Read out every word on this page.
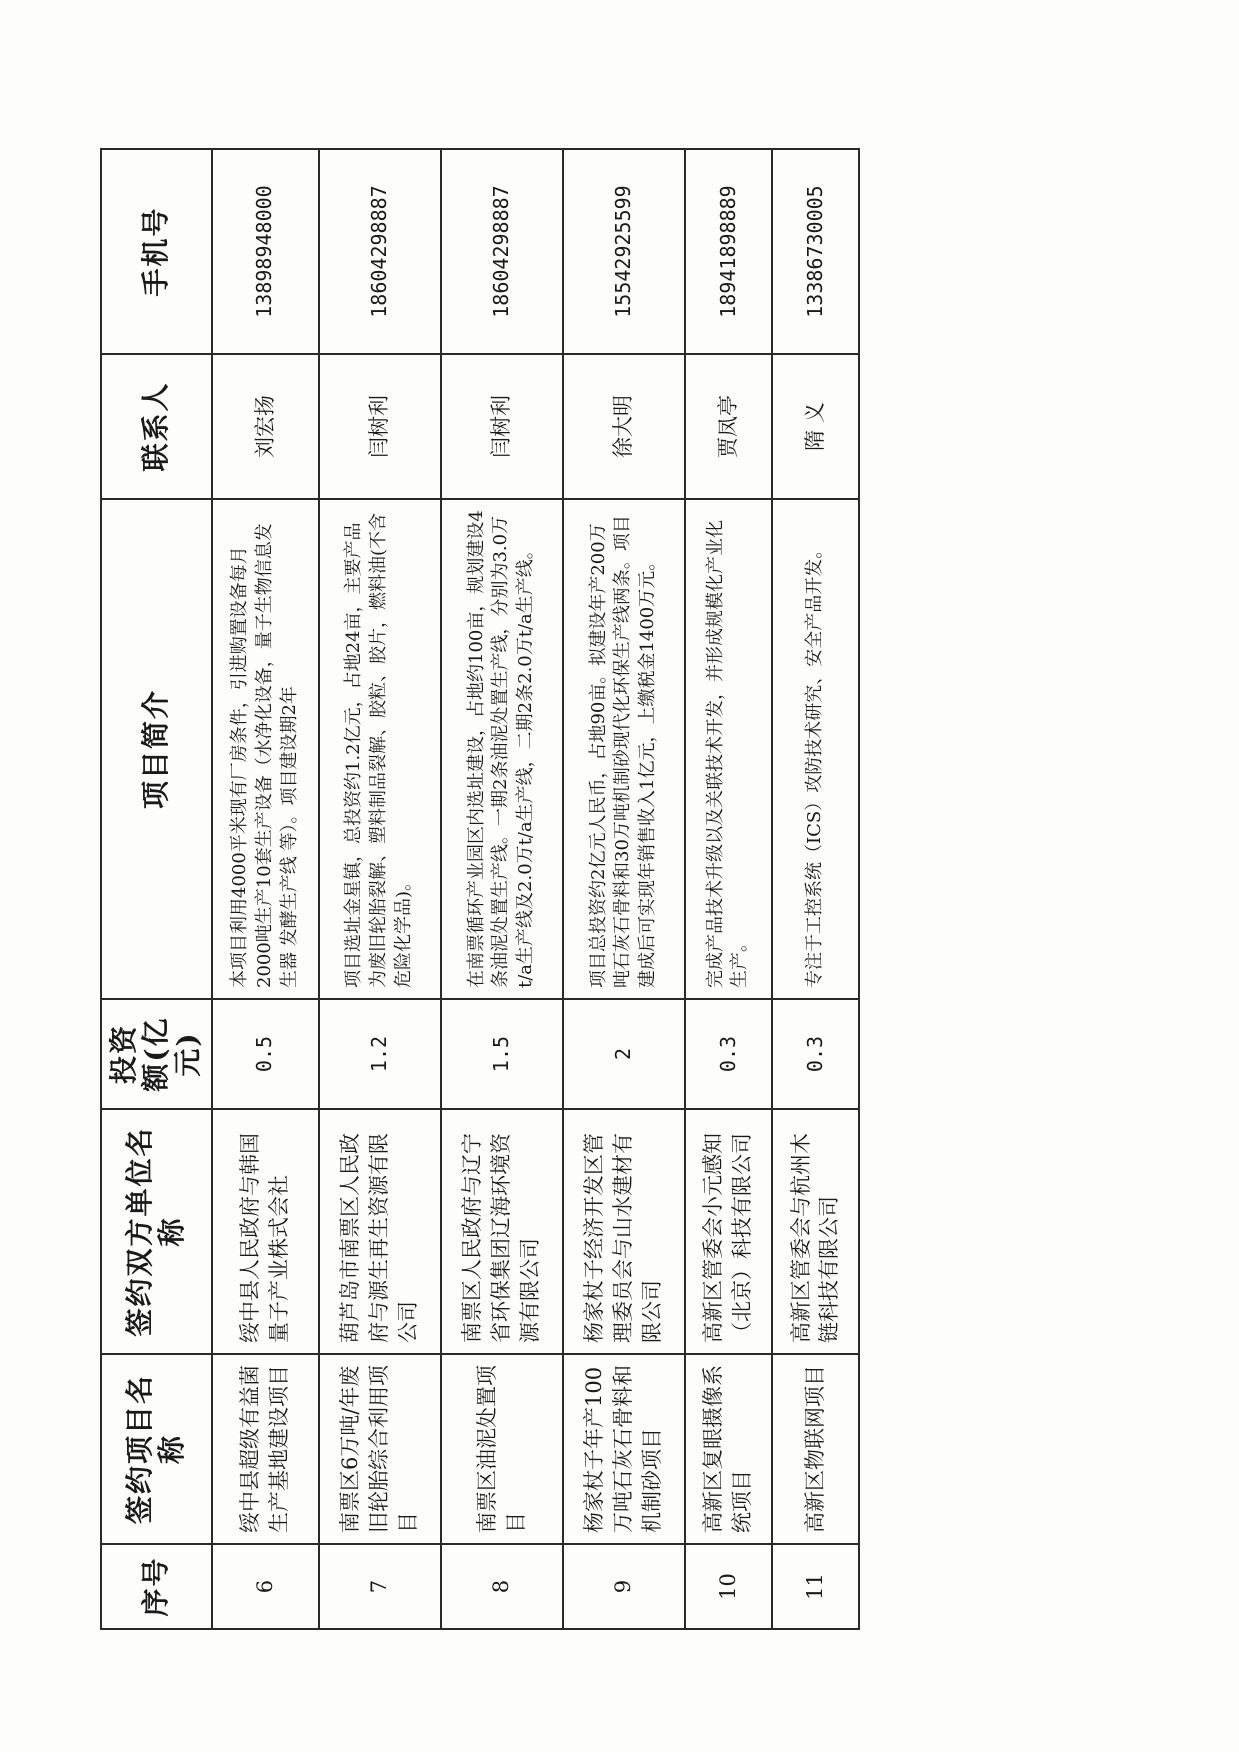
序号	签约项目名称	签约双方单位名称	投资额(亿元)	项目简介	联系人	手机号
6	绥中县超级有益菌生产基地建设项目	绥中县人民政府与韩国量子产业株式会社	0.5	本项目利用4000平米现有厂房条件，引进购置设备每月2000吨生产10套生产设备（水净化设备，量子生物信息发生器 发酵生产线 等）。项目建设期2年	刘宏扬	13898948000
7	南票区6万吨/年废旧轮胎综合利用项目	葫芦岛市南票区人民政府与源生再生资源有限公司	1.2	项目选址金星镇，总投资约1.2亿元，占地24亩，主要产品为废旧轮胎裂解、塑料制品裂解、胶粒、胶片，燃料油(不含危险化学品)。	闫树利	18604298887
8	南票区油泥处置项目	南票区人民政府与辽宁省环保集团辽海环境资源有限公司	1.5	在南票循环产业园区内选址建设，占地约100亩，规划建设4条油泥处置生产线。一期2条油泥处置生产线，分别为3.0万t/a生产线及2.0万t/a生产线，二期2条2.0万t/a生产线。	闫树利	18604298887
9	杨家杖子年产100万吨石灰石骨料和机制砂项目	杨家杖子经济开发区管理委员会与山水建材有限公司	2	项目总投资约2亿元人民币，占地90亩。拟建设年产200万吨石灰石骨料和30万吨机制砂现代化环保生产线两条。项目建成后可实现年销售收入1亿元，上缴税金1400万元。	徐大明	15542925599
10	高新区复眼摄像系统项目	高新区管委会小元感知（北京）科技有限公司	0.3	完成产品技术升级以及关联技术开发，并形成规模化产业化生产。	贾凤亭	18941898889
11	高新区物联网项目	高新区管委会与杭州木链科技有限公司	0.3	专注于工控系统（ICS）攻防技术研究、安全产品开发。	隋 义	13386730005
